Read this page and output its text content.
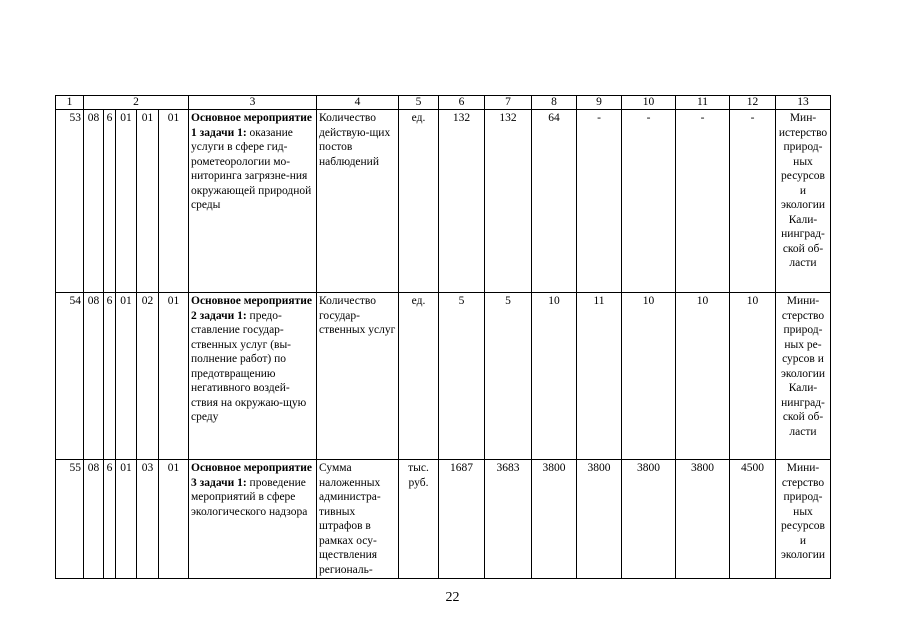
1	2					3	4	5	6	7	8	9	10	11	12	13
53	08	6	01	01	01	Основное мероприятие 1 задачи 1: оказание услуги в сфере гид-рометеорологии мо-ниторинга загрязне-ния окружающей природной среды	Количество действую-щих постов наблюдений	ед.	132	132	64	-	-	-	-	Мин-истерство природ-ных ресурсов и экологии Кали-нинград-ской об-ласти
54	08	6	01	02	01	Основное мероприятие 2 задачи 1: предо-ставление государ-ственных услуг (вы-полнение работ) по предотвращению негативного воздей-ствия на окружаю-щую среду	Количество государ-ственных услуг	ед.	5	5	10	11	10	10	10	Мини-стерство природ-ных ре-сурсов и экологии Кали-нинград-ской об-ласти
55	08	6	01	03	01	Основное мероприятие 3 задачи 1: проведение мероприятий в сфере экологического надзора	Сумма наложенных администра-тивных штрафов в рамках осу-ществления региональ-	тыс. руб.	1687	3683	3800	3800	3800	3800	4500	Мини-стерство природ-ных ресурсов и экологии
22
